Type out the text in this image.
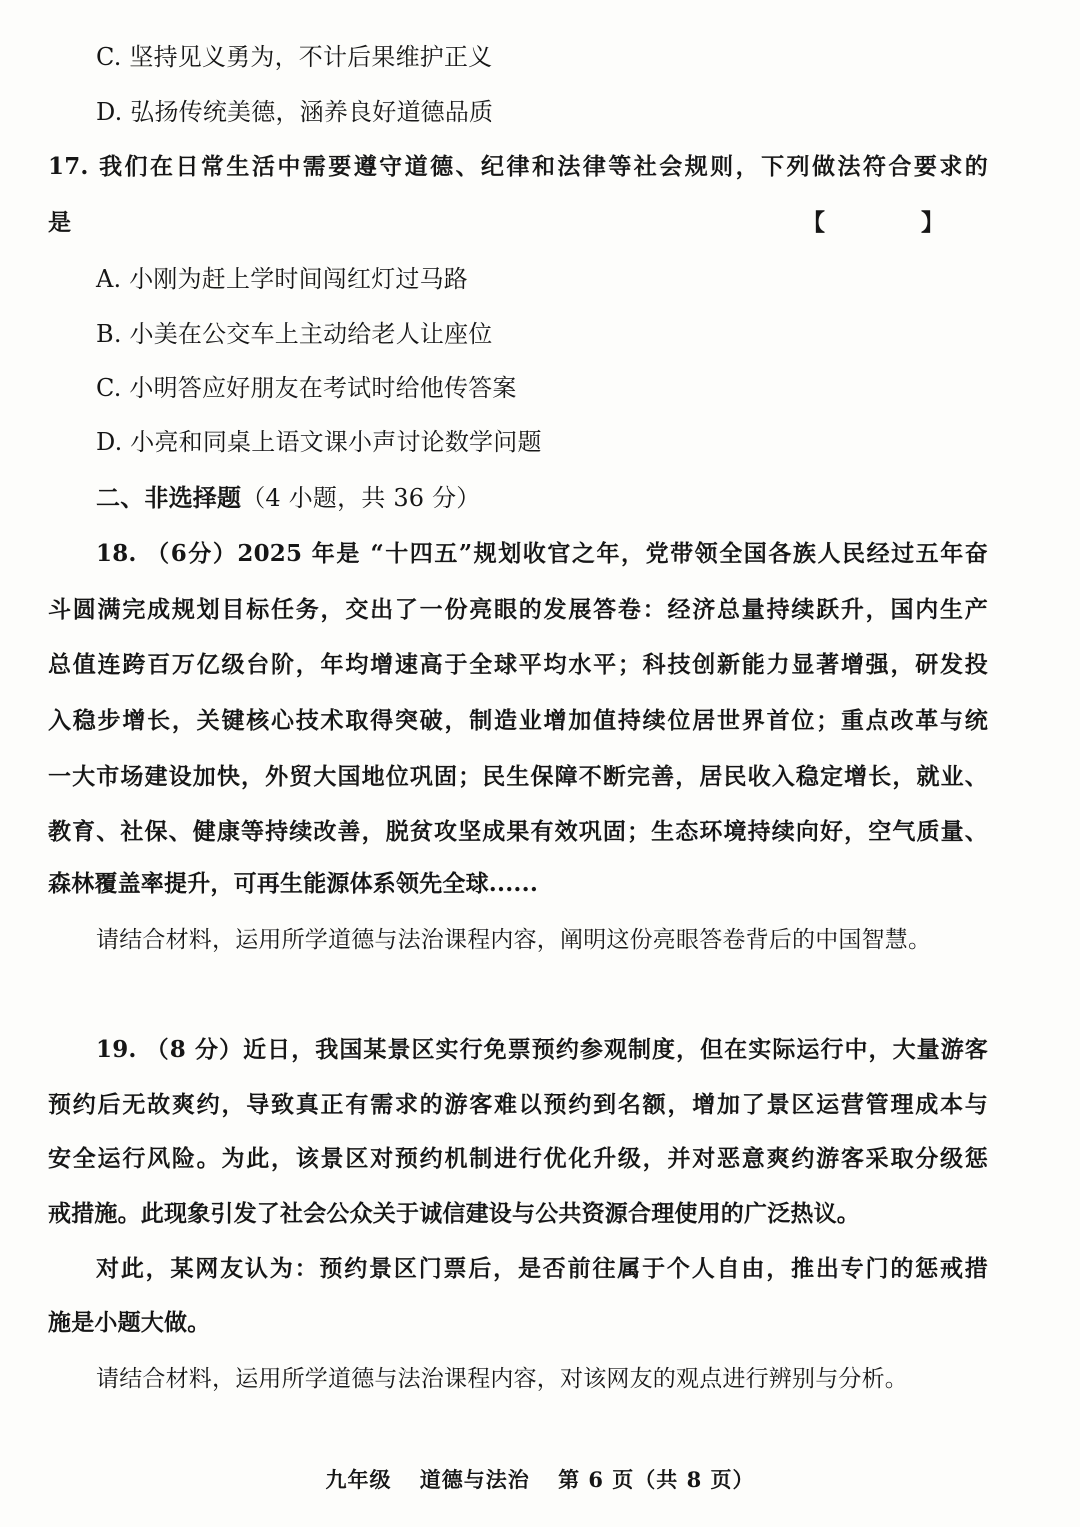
C. 坚持见义勇为，不计后果维护正义
D. 弘扬传统美德，涵养良好道德品质
17. 我们在日常生活中需要遵守道德、纪律和法律等社会规则，下列做法符合要求的
是	【 】
A. 小刚为赶上学时间闯红灯过马路
B. 小美在公交车上主动给老人让座位
C. 小明答应好朋友在考试时给他传答案
D. 小亮和同桌上语文课小声讨论数学问题
二、非选择题（4 小题，共 36 分）
18. （6分）2025 年是 “十四五”规划收官之年，党带领全国各族人民经过五年奋
斗圆满完成规划目标任务，交出了一份亮眼的发展答卷：经济总量持续跃升，国内生产
总值连跨百万亿级台阶，年均增速高于全球平均水平；科技创新能力显著增强，研发投
入稳步增长，关键核心技术取得突破，制造业增加值持续位居世界首位；重点改革与统
一大市场建设加快，外贸大国地位巩固；民生保障不断完善，居民收入稳定增长，就业、
教育、社保、健康等持续改善，脱贫攻坚成果有效巩固；生态环境持续向好，空气质量、
森林覆盖率提升，可再生能源体系领先全球......
请结合材料，运用所学道德与法治课程内容，阐明这份亮眼答卷背后的中国智慧。
19. （8 分）近日，我国某景区实行免票预约参观制度，但在实际运行中，大量游客
预约后无故爽约，导致真正有需求的游客难以预约到名额，增加了景区运营管理成本与
安全运行风险。为此，该景区对预约机制进行优化升级，并对恶意爽约游客采取分级惩
戒措施。此现象引发了社会公众关于诚信建设与公共资源合理使用的广泛热议。
对此，某网友认为：预约景区门票后，是否前往属于个人自由，推出专门的惩戒措
施是小题大做。
请结合材料，运用所学道德与法治课程内容，对该网友的观点进行辨别与分析。
九年级 道德与法治 第 6 页（共 8 页）
